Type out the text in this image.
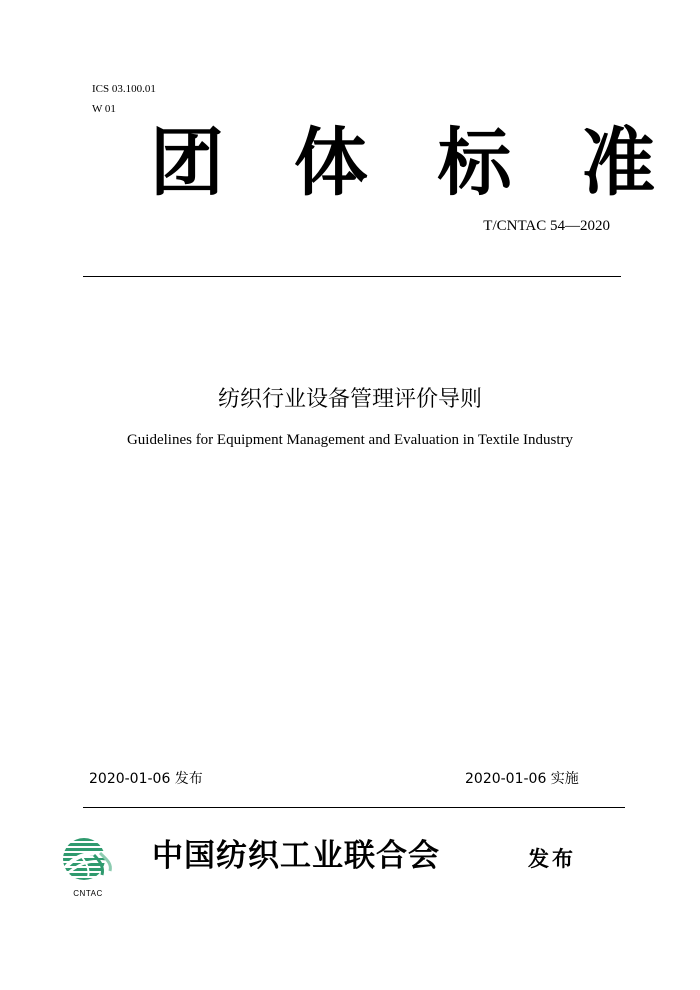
ICS 03.100.01
W 01
团 体 标 准
T/CNTAC 54—2020
纺织行业设备管理评价导则
Guidelines for Equipment Management and Evaluation in Textile Industry
2020-01-06 发布	2020-01-06 实施
CNTAC
中国纺织工业联合会	发布
